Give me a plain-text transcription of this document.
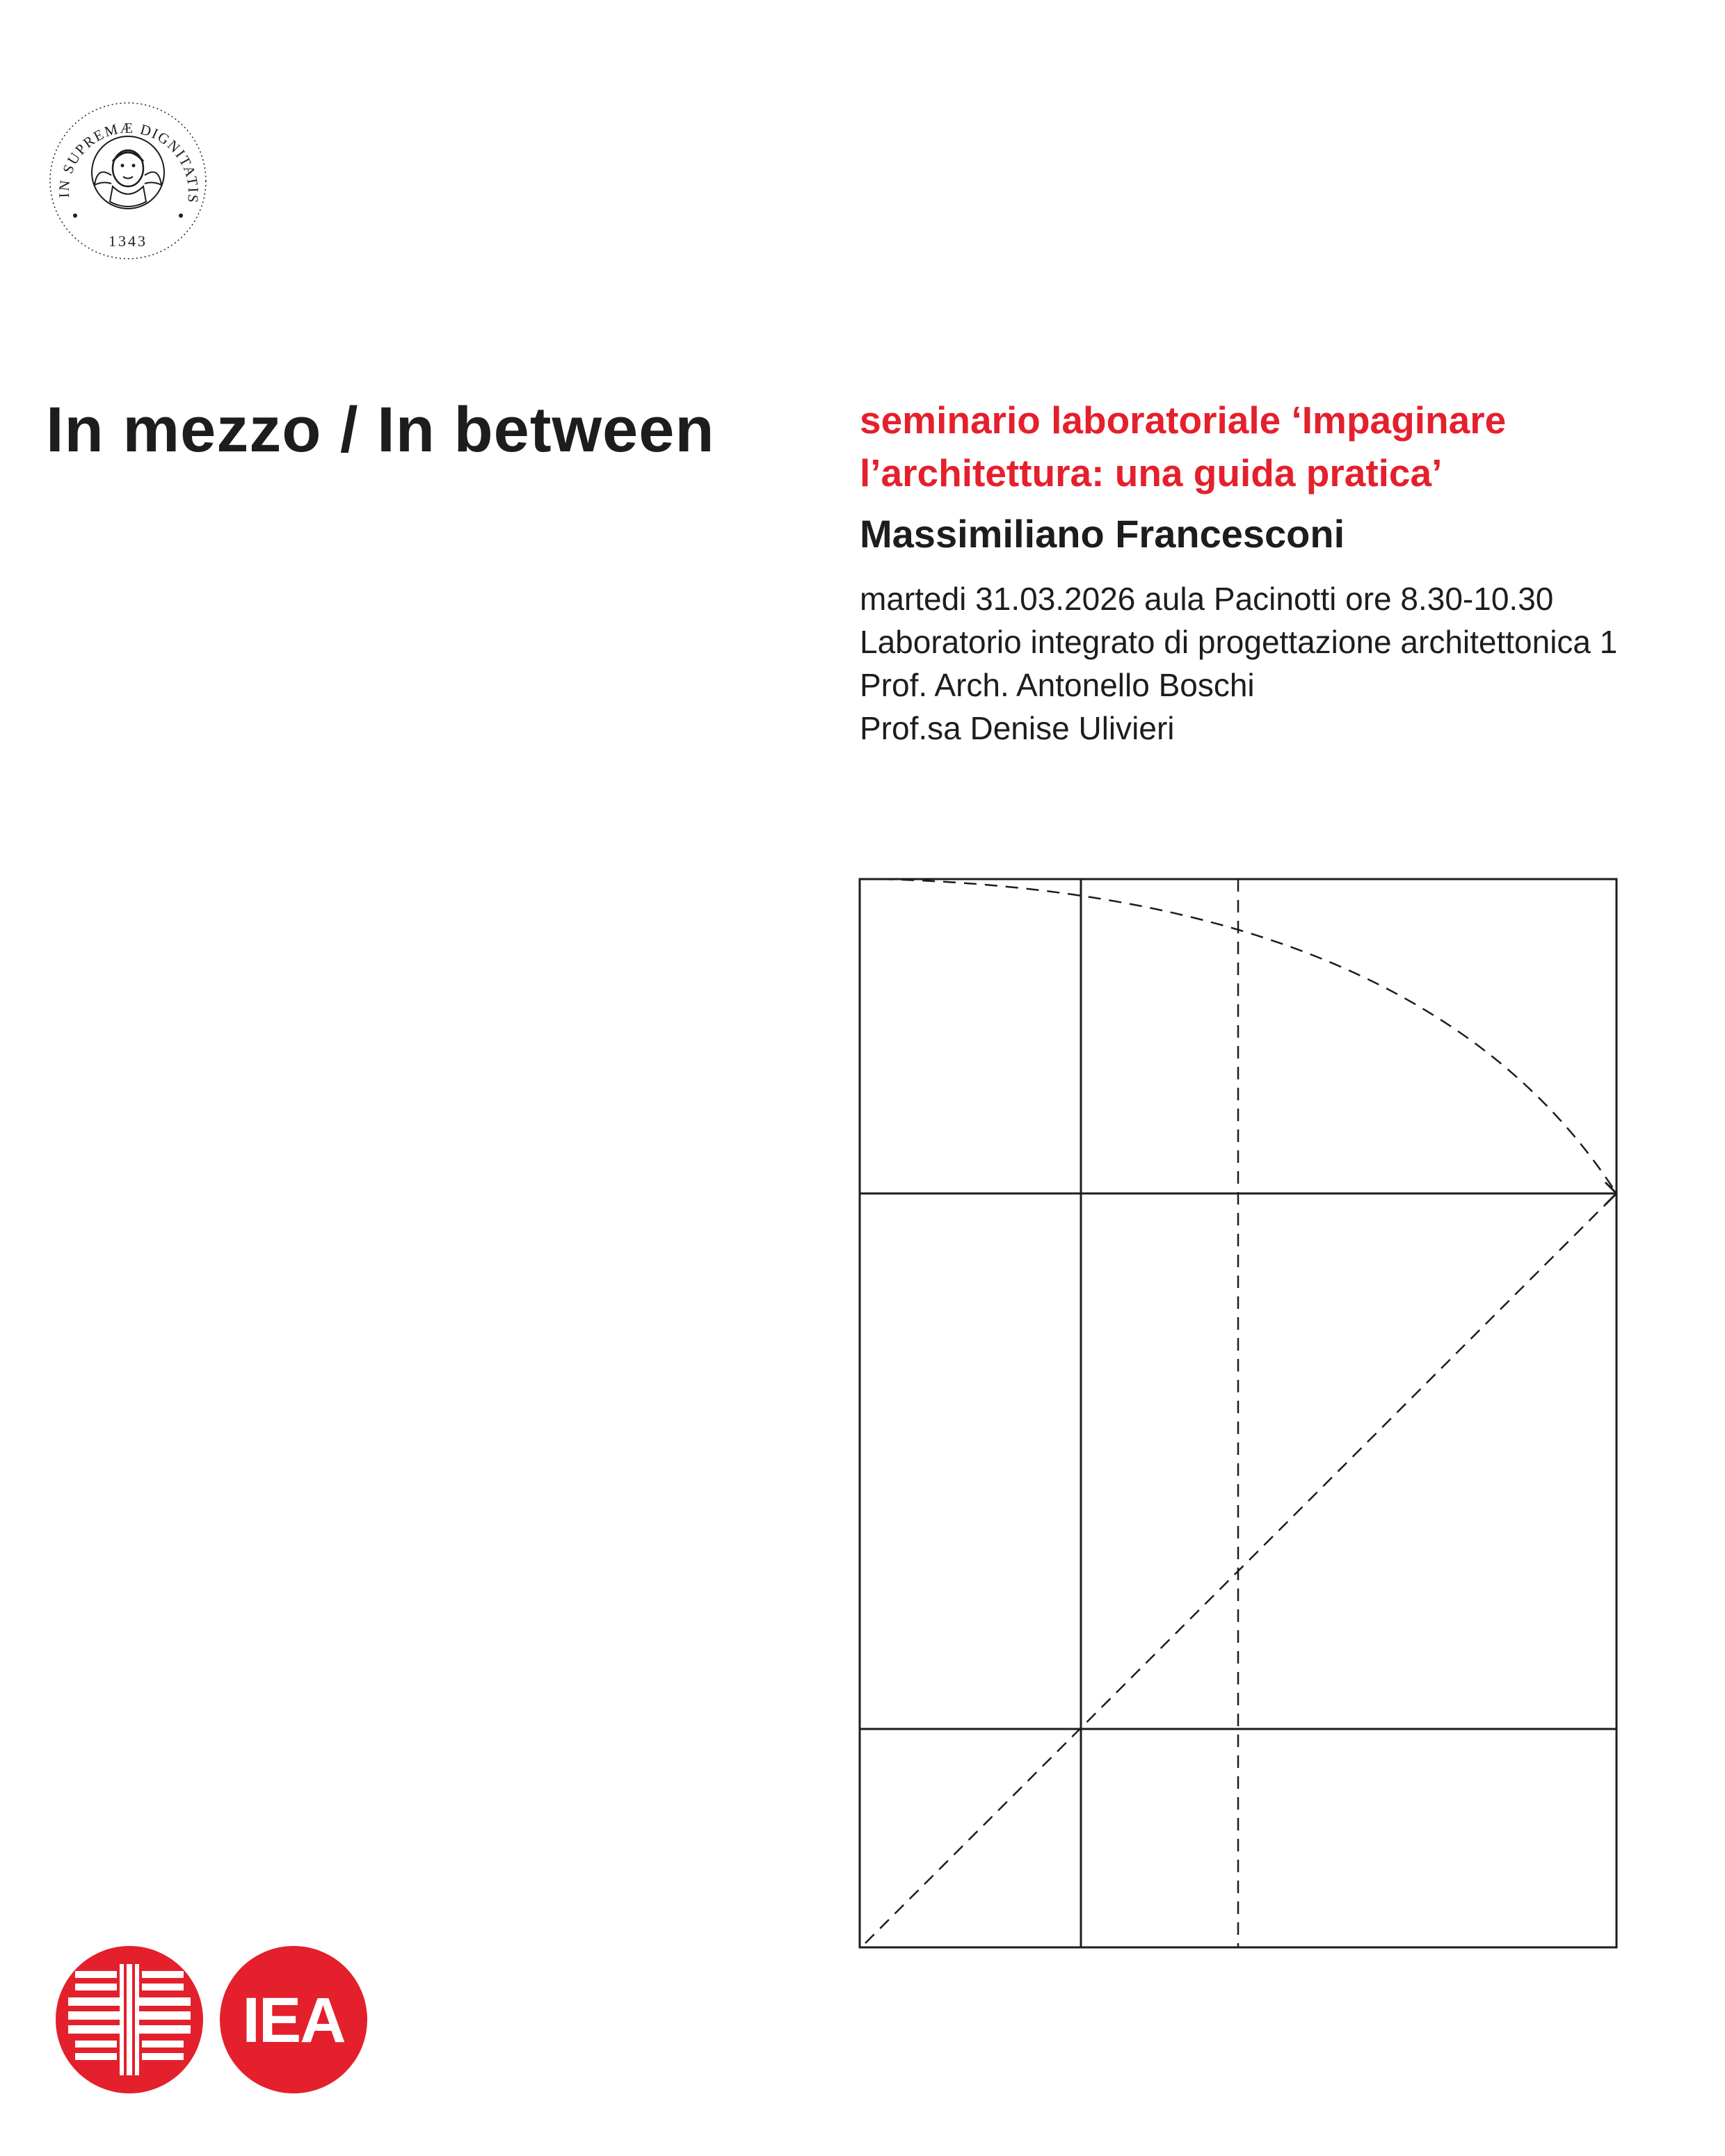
IN SUPREMÆ DIGNITATIS
1343
In mezzo / In between	seminario laboratoriale ‘Impaginare
l’architettura: una guida pratica’
Massimiliano Francesconi
martedi 31.03.2026 aula Pacinotti ore 8.30-10.30
Laboratorio integrato di progettazione architettonica 1
Prof. Arch. Antonello Boschi
Prof.sa Denise Ulivieri
IEA
